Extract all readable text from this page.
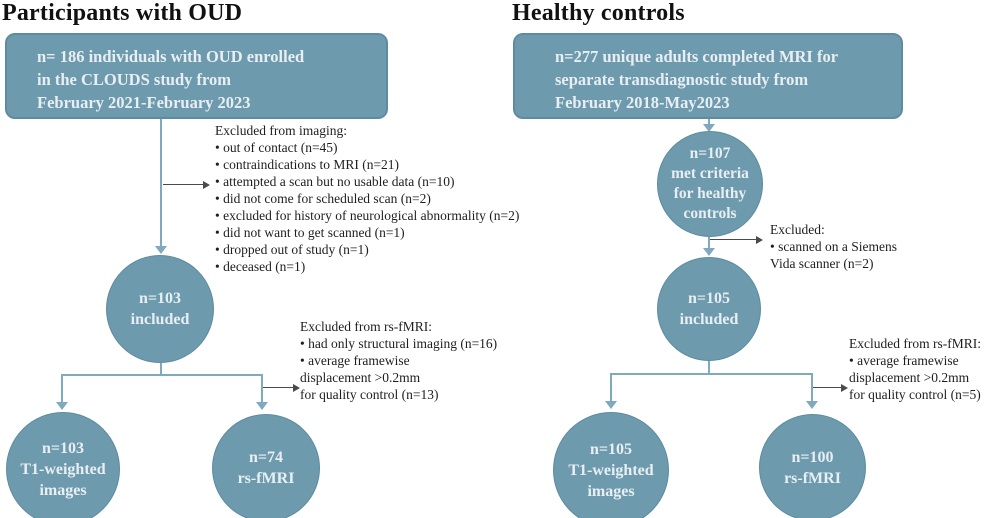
Participants with OUD
n= 186 individuals with OUD enrolled
in the CLOUDS study from
February 2021-February 2023
Excluded from imaging:
• out of contact (n=45)
• contraindications to MRI (n=21)
• attempted a scan but no usable data (n=10)
• did not come for scheduled scan (n=2)
• excluded for history of neurological abnormality (n=2)
• did not want to get scanned (n=1)
• dropped out of study (n=1)
• deceased (n=1)
n=103
included	Excluded from rs-fMRI:
• had only structural imaging (n=16)
• average framewise
displacement >0.2mm
for quality control (n=13)
n=103
T1-weighted
images
n=74
rs-fMRI
Healthy controls
n=277 unique adults completed MRI for
separate transdiagnostic study from
February 2018-May2023
n=107
met criteria
for healthy
controls
Excluded:
• scanned on a Siemens
Vida scanner (n=2)
n=105
included
Excluded from rs-fMRI:
• average framewise
displacement >0.2mm
for quality control (n=5)
n=105
T1-weighted
images
n=100
rs-fMRI
